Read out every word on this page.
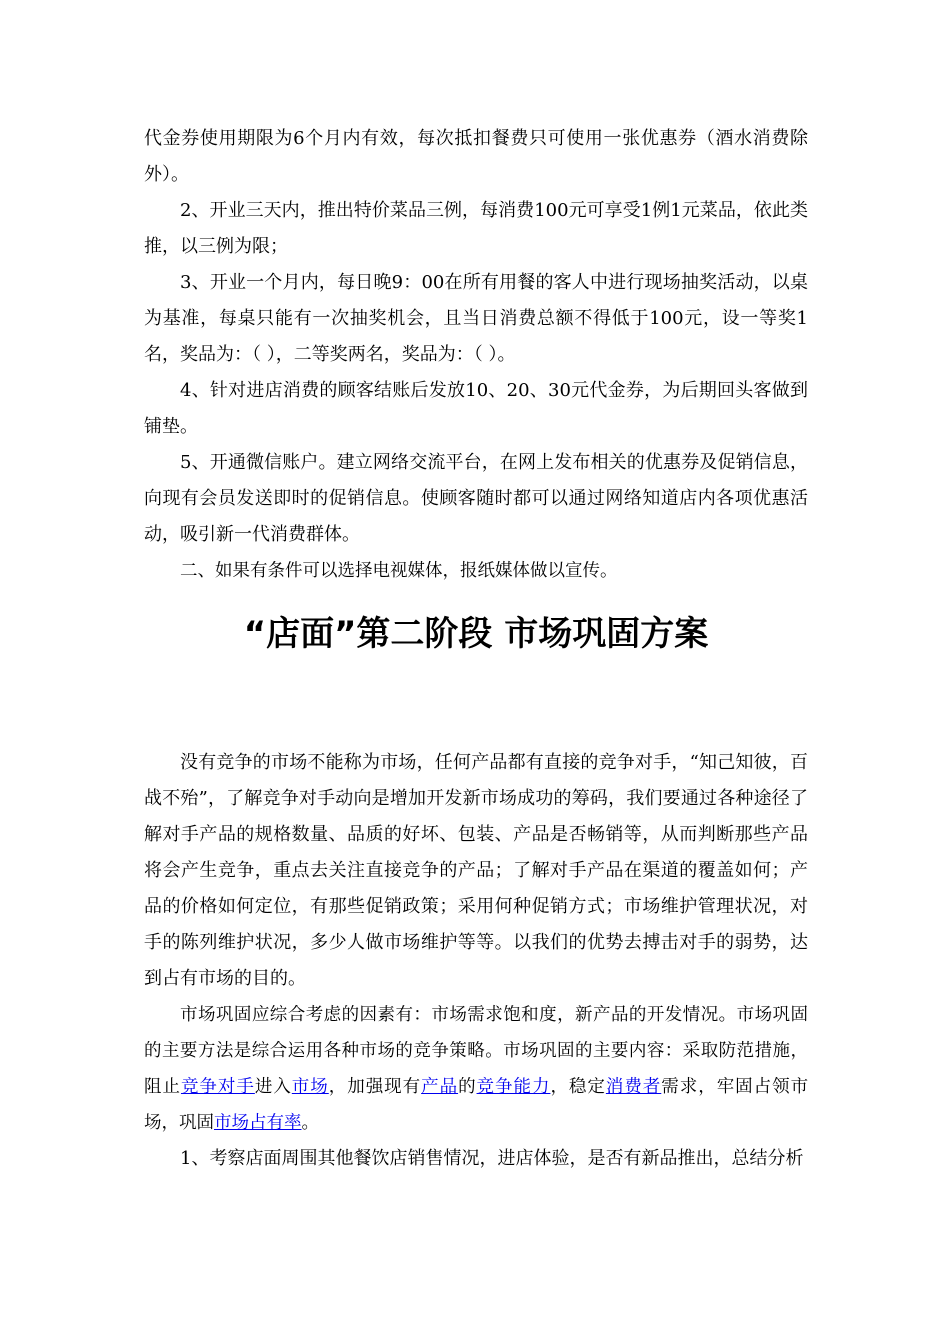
代金券使用期限为6个月内有效，每次抵扣餐费只可使用一张优惠券（酒水消费除外）。

2、开业三天内，推出特价菜品三例，每消费100元可享受1例1元菜品，依此类推，以三例为限；

3、开业一个月内，每日晚9：00在所有用餐的客人中进行现场抽奖活动，以桌为基准，每桌只能有一次抽奖机会，且当日消费总额不得低于100元，设一等奖1名，奖品为：（ ），二等奖两名，奖品为：（ ）。

4、针对进店消费的顾客结账后发放10、20、30元代金券，为后期回头客做到铺垫。

5、开通微信账户。建立网络交流平台，在网上发布相关的优惠券及促销信息，向现有会员发送即时的促销信息。使顾客随时都可以通过网络知道店内各项优惠活动，吸引新一代消费群体。

二、如果有条件可以选择电视媒体，报纸媒体做以宣传。

“店面”第二阶段 市场巩固方案

没有竞争的市场不能称为市场，任何产品都有直接的竞争对手，“知己知彼，百战不殆”，了解竞争对手动向是增加开发新市场成功的筹码，我们要通过各种途径了解对手产品的规格数量、品质的好坏、包装、产品是否畅销等，从而判断那些产品将会产生竞争，重点去关注直接竞争的产品；了解对手产品在渠道的覆盖如何；产品的价格如何定位，有那些促销政策；采用何种促销方式；市场维护管理状况，对手的陈列维护状况，多少人做市场维护等等。以我们的优势去搏击对手的弱势，达到占有市场的目的。

市场巩固应综合考虑的因素有：市场需求饱和度，新产品的开发情况。市场巩固的主要方法是综合运用各种市场的竞争策略。市场巩固的主要内容：采取防范措施，阻止竞争对手进入市场，加强现有产品的竞争能力，稳定消费者需求，牢固占领市场，巩固市场占有率。

1、考察店面周围其他餐饮店销售情况，进店体验，是否有新品推出，总结分析
